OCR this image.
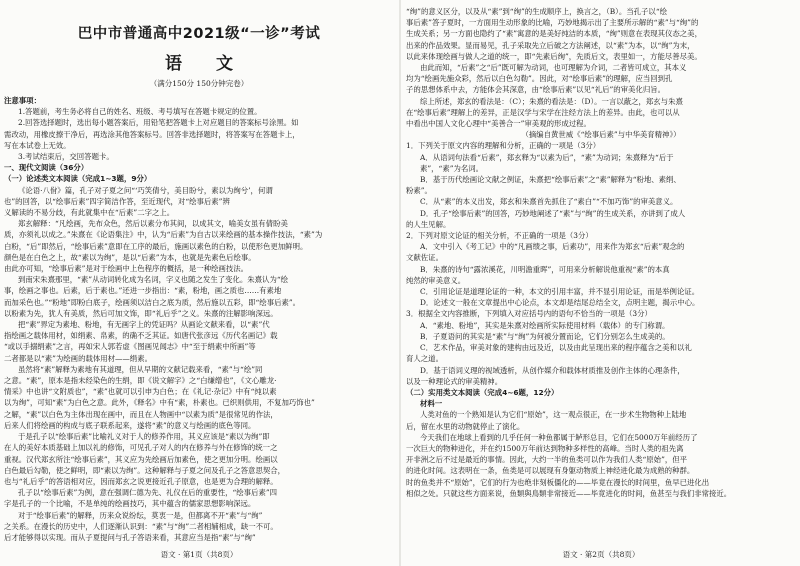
巴中市普通高中2021级“一诊”考试
语 文
（满分150分 150分钟完卷）
注意事项：
1.答题前，考生务必将自己的姓名、班级、考号填写在答题卡规定的位置。
2.回答选择题时，选出每小题答案后，用铅笔把答题卡上对应题目的答案标号涂黑。如
需改动，用橡皮擦干净后，再选涂其他答案标号。回答非选择题时，将答案写在答题卡上，
写在本试卷上无效。
3.考试结束后，交回答题卡。
一、现代文阅读（36分）
（一）论述类文本阅读（完成1~3题，9分）
《论语·八佾》篇，孔子对子夏之问“‘巧笑倩兮，美目盼兮，素以为绚兮’，何谓
也”的回答，以“绘事后素”四字简洁作答，至近现代，对“绘事后素”辨
义解读的不易分歧，有此就集中在“后素”二字之上。
郑玄解释：“凡绘画，先布众色，然后以素分布其间，以成其文，喻美女虽有倩盼美
质，亦须礼以成之。”朱熹在《论语集注》中，认为“后素”为自古以来绘画的基本操作技法，“素”为
白粉，“后”即然后，“绘事后素”意即在工序的最后，施画以素色的白粉，以使形色更加鲜明。
颜色是在白色之上，故“素以为绚”，是以“后素”为本，也就是先素色后绘事。
由此亦可知，“绘事后素”是对于绘画中上色程序的概括，是一种绘画技法。
到南宋朱熹那里，“素”从动词转化成为名词，字义也随之发生了变化。朱熹认为“绘
事，绘画之事也。后素，后于素也。”还进一步指出：“素，粉地，画之质也……有素地
而加采色也。”“粉地”即粉白底子，绘画须以洁白之底为质，然后施以五彩，即“绘事后素”。
以粉素为先，犹人有美质，然后可加文饰，即“礼后乎”之义。朱熹的注解影响深远。
把“素”界定为素地、粉地，有无画字上的凭证吗？从画论文献来看，以“素”代
指绘画之载体用材，如绢素、帛素，的确不乏其证。如唐代张彦远《历代名画记》载
“或以手搦绢素”之言，再如宋人郭若虚《图画见闻志》中“至于绢素中所画”等
二者都是以“素”为绘画的载体用材——绢素。
虽然将“素”解释为素地有其道理，但从早期的文献记载来看，“素”与“绘”同
之意。“素”，原本是指未经染色的生绢，即《说文解字》之“白缣缯也”，《文心雕龙·
情采》中也讲“文附质也”，“素”也就可以引申为白色；在《礼记·杂记》中有“纯以素
以为绚”，可知“素”为白色之意。此外，《释名》中有“素，朴素也。已织则供用，不复加巧饰也”
之解，“素”以白色为主体出现在画中，而且在人物画中“以素为质”是很常见的作法，
后来人们将绘画的构成与底子联系起来，遂将“素”的意义与绘画的底色等同。
于是孔子以“绘事后素”比喻礼义对于人的修养作用，其义应该是“素以为绚”即
在人的美好本质基础上加以礼的修饰，可见孔子对人的内在修养与外在修饰的统一之
重视。汉代郑玄所注“绘事后素”，其义应为先绘画后加素色，使之更加分明。绘画以
白色最后勾勒，使之鲜明，即“素以为绚”。这种解释与子夏之问及孔子之答意思契合，
也与“礼后乎”的答语相对应，因而郑玄之说更接近孔子原意，也是更为合理的解释。
孔子以“绘事后素”为例，意在强调仁德为先、礼仪在后的重要性，“绘事后素”四
字是孔子的一个比喻，不是单纯的绘画技巧，其中蕴含的儒家思想影响深远。
对于“绘事后素”的解释，历来众说纷纭，莫衷一是，但都离不开“素”与“绚”
之关系。在漫长的历史中，人们逐渐认识到：“素”与“绚”二者相辅相成，缺一不可。
后才能够得以实现。而从子夏提问与孔子答语来看，其意应当是指“素”与“绚”
语文 · 第1页（共8页）
“绚”的意义区分，以及从“素”到“绚”的生成顺序上，换言之，（B）。当孔子以“绘
事后素”答子夏时，一方面用生动形象的比喻，巧妙地揭示出了主要所示解的“素”与“绚”的
生成关系；另一方面也隐约了“素”寓意的是美好纯洁的本质，“绚”则意在表现其仪态之美，
出来的作品效果。显而易见，孔子采取先立后破之方法阐述，以“素”为本，以“绚”为末，
以此来体现绘画与做人之道的统一，即“先素后绚”，先质后文，表里如一，方能尽善尽美。
由此而知，“后素”之“后”既可解为动词，也可理解为介词，二者皆可成立，其本义
均为“绘画先施众彩，然后以白色勾勒”。因此，对“绘事后素”的理解，应当回到孔
子的思想体系中去，方能体会其深意，由“绘事后素”以见“礼后”的审美化归旨。
综上所述，郑玄的看法是：（C）；朱熹的看法是：（D）。一言以蔽之，郑玄与朱熹
在“绘事后素”理解上的差异，正是汉学与宋学在注经方法上的差异。由此，也可以从
中看出中国人文化心理中“美善合一”审美观的形成过程。
（摘编自黄世威《“绘事后素”与中华美育精神》）
1．下列关于原文内容的理解和分析，正确的一项是（3分）
A．从语词句法看“后素”，郑玄释为“以素为后”，“素”为动词；朱熹释为“后于
素”，“素”为名词。
B．基于历代绘画论文献之例证，朱熹把“绘事后素”之“素”解释为“粉地、素绢、
粉素”。
C．从“素”的本义出发，郑玄和朱熹首先抓住了“素白”“不加巧饰”的审美意义。
D．孔子“绘事后素”的回答，巧妙地阐述了“素”与“绚”的生成关系，亦讲到了成人
的人生见解。
2．下列对原文论证的相关分析，不正确的一项是（3分）
A．文中引入《考工记》中的“凡画缋之事，后素功”，用来作为郑玄“后素”观念的
文献佐证。
B．朱熹的诗句“露浓溪花，川明澹重晖”，可用来分析解说他重视“素”的本真
纯然的审美意义。
C．引用论证是道理论证的一种，本文的引用丰富，并不显引用论证，而是举例论证。
D．论述文一般在文章提出中心论点，本文却是结尾总结全文，点明主题，揭示中心。
3．根据全文内容推断，下列填入对应括号内的语句不恰当的一项是（3分）
A．“素地、粉地”，其实是朱熹对绘画所实际使用材料（载体）的专门称谓。
B．子夏语问的其实是“素”与“绚”为何被分置而论，它们分别怎么生成美的。
C．艺术作品，审美对象的建构由远及近，以及由此呈现出来的程序蕴含之美和以礼
育人之道。
D．基于语词义理的视域透析，从创作媒介和载体材质推及创作主体的心理条件，
以及一种理论式的审美精神。
（二）实用类文本阅读（完成4~6题，12分）
材料一
人类对鱼的一个熟知是认为它们“原始”，这一观点很正，在一步术生物物种上陆地
后，留在水里的动物就停止了演化。
今天我们在地球上看到的几乎任何一种鱼都属于鲈形总目，它们在5000万年前经历了
一次巨大的物种迸化，并在约1500万年前达到物种多样性的高峰。当时人类的祖先离
开非洲之后不过是最近的事情。因此，大约一半的鱼类可以作为我们人类“原始”，但平
的进化时间。这表明在一条，鱼类是可以展现有身躯动物质上神经进化最为成熟的种群。
时的鱼类并不“原始”，它们的行为也绝非刻板僵化的——毕竟在漫长的时间里，鱼早已进化出
相似之处。只就这些方面来说，鱼類與鳥類非常接近——毕竟进化的时间，鱼甚至与我们非常接近。
语文 · 第2页（共8页）
